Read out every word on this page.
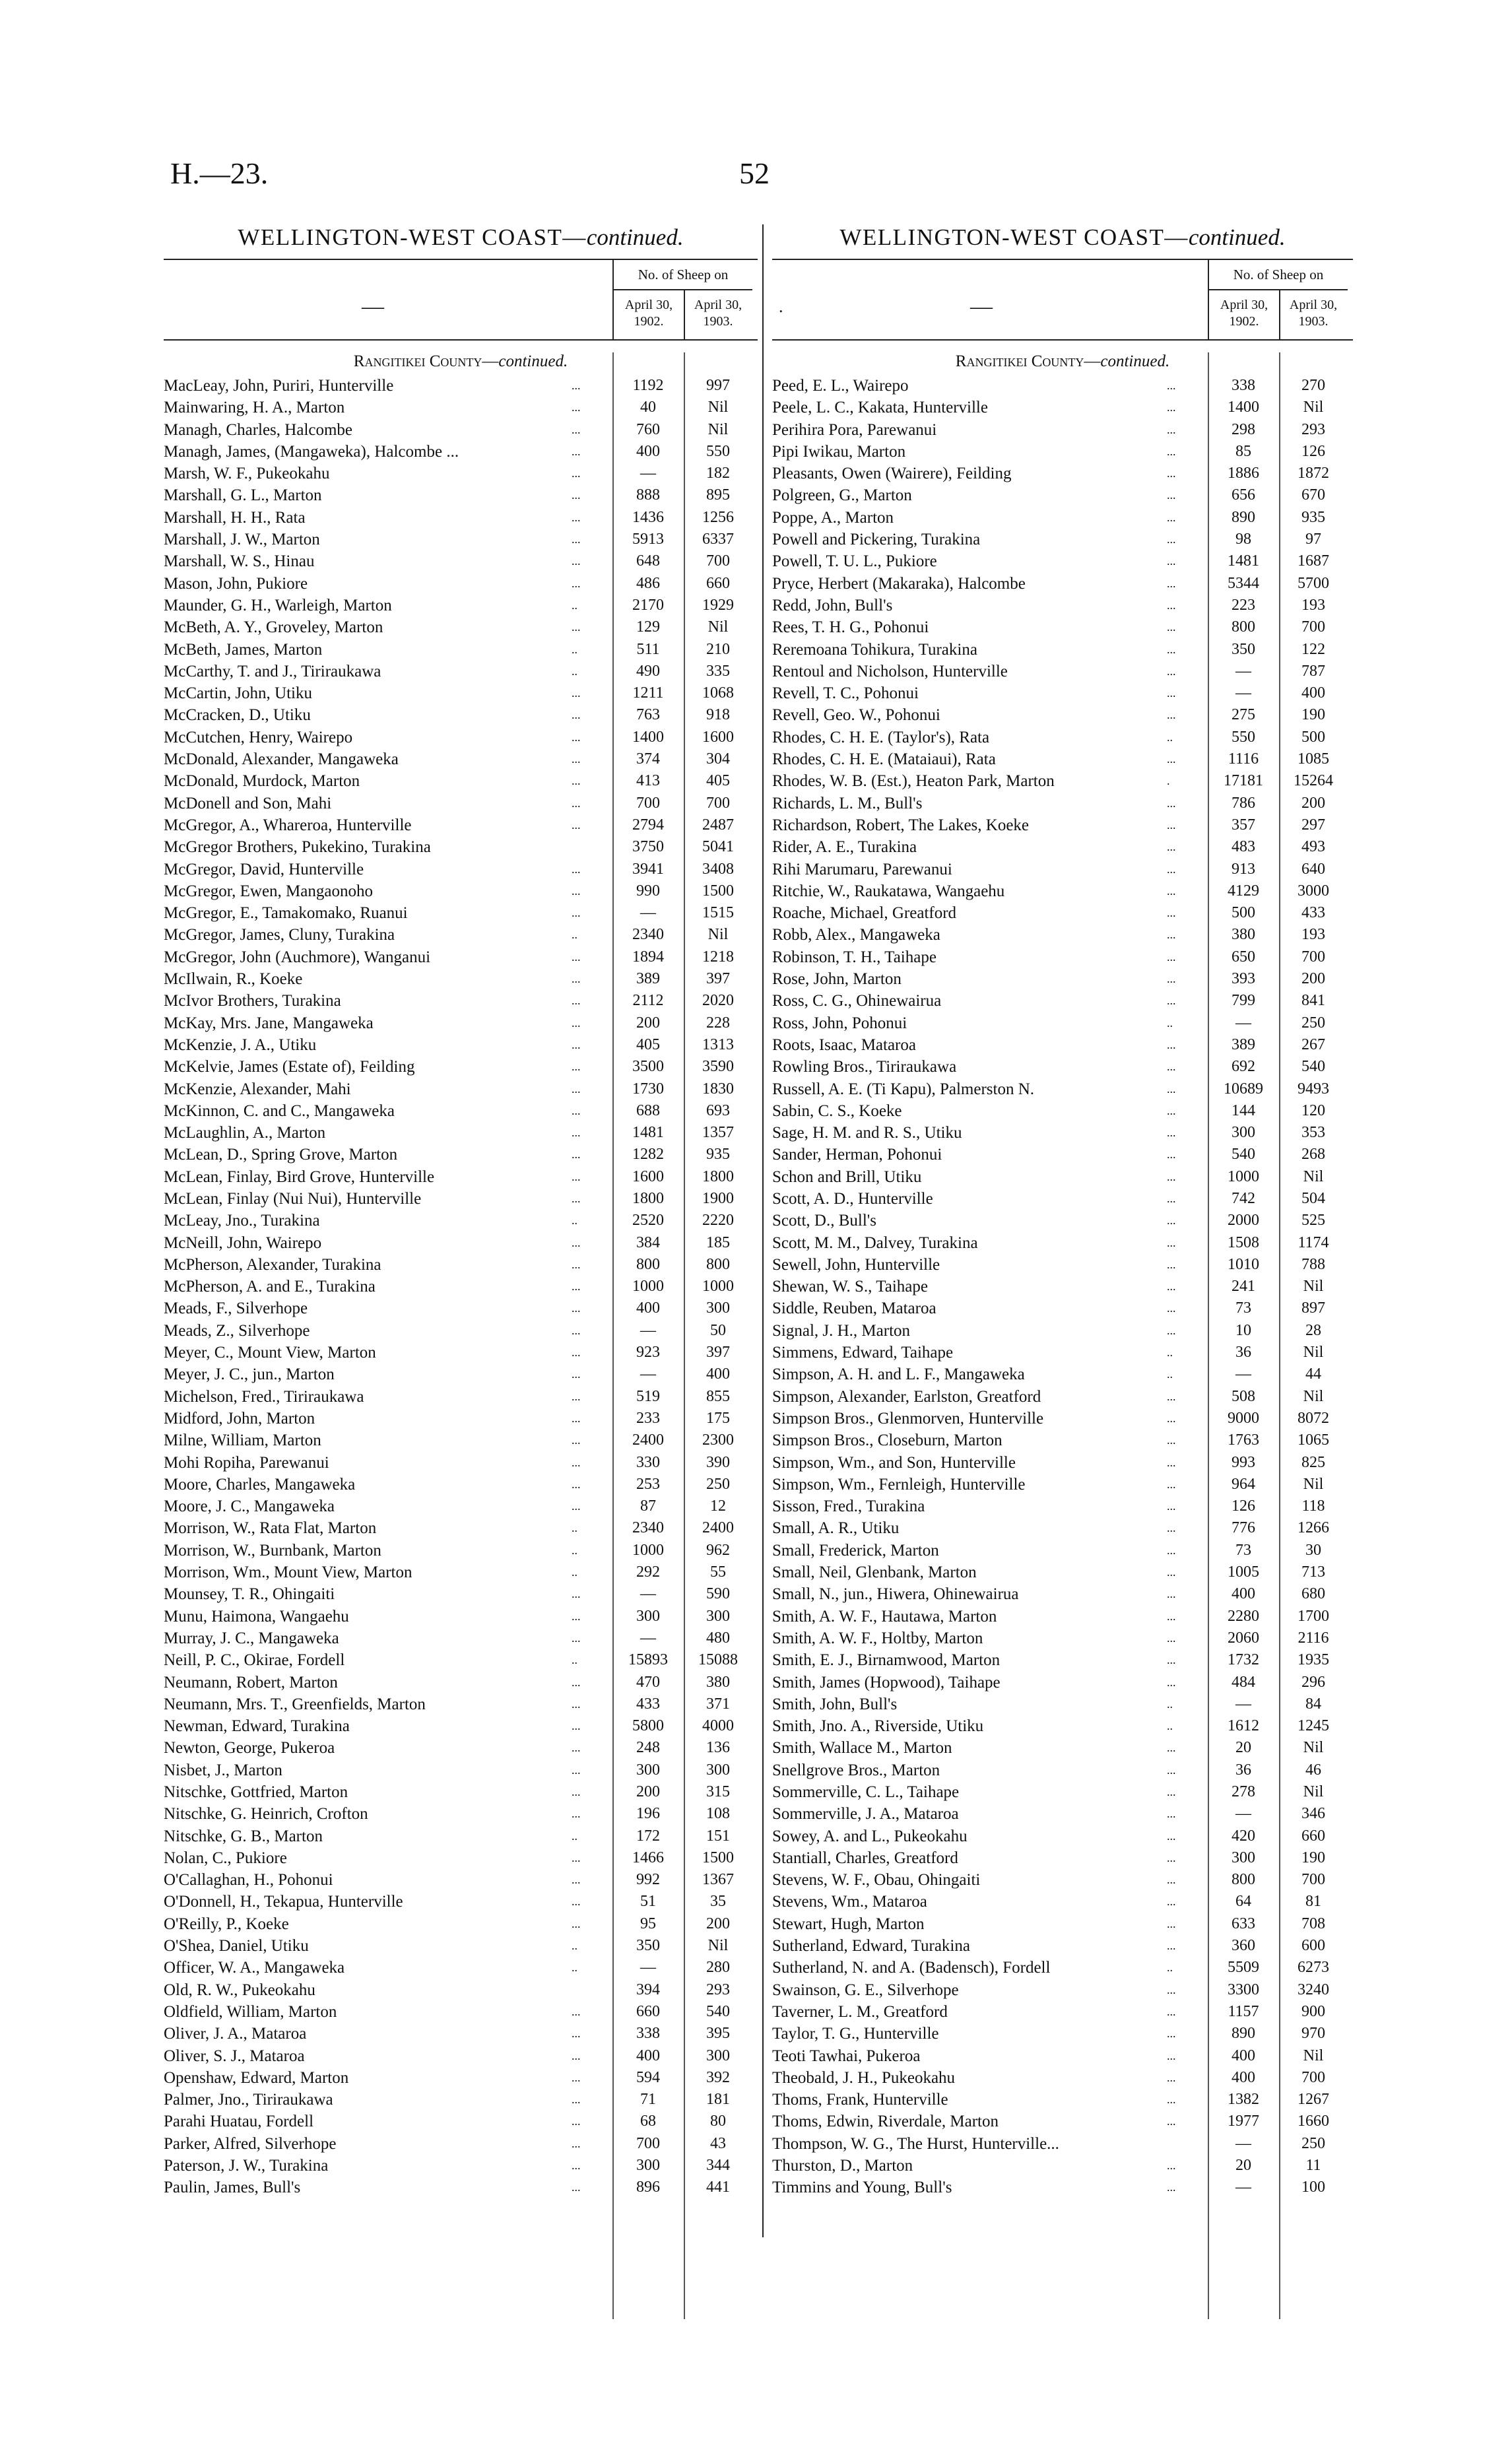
H.—23.	52
WELLINGTON-WEST COAST—continued.
—
No. of Sheep on
April 30, 1902.
April 30, 1903.
Rangitikei County—continued.
MacLeay, John, Puriri, Hunterville	...	1192	997
Mainwaring, H. A., Marton	...	40	Nil
Managh, Charles, Halcombe	...	760	Nil
Managh, James, (Mangaweka), Halcombe ...	...	400	550
Marsh, W. F., Pukeokahu	...	—	182
Marshall, G. L., Marton	...	888	895
Marshall, H. H., Rata	...	1436	1256
Marshall, J. W., Marton	...	5913	6337
Marshall, W. S., Hinau	...	648	700
Mason, John, Pukiore	...	486	660
Maunder, G. H., Warleigh, Marton	..	2170	1929
McBeth, A. Y., Groveley, Marton	...	129	Nil
McBeth, James, Marton	..	511	210
McCarthy, T. and J., Tiriraukawa	..	490	335
McCartin, John, Utiku	...	1211	1068
McCracken, D., Utiku	...	763	918
McCutchen, Henry, Wairepo	...	1400	1600
McDonald, Alexander, Mangaweka	...	374	304
McDonald, Murdock, Marton	...	413	405
McDonell and Son, Mahi	...	700	700
McGregor, A., Whareroa, Hunterville	...	2794	2487
McGregor Brothers, Pukekino, Turakina	3750	5041
McGregor, David, Hunterville	...	3941	3408
McGregor, Ewen, Mangaonoho	...	990	1500
McGregor, E., Tamakomako, Ruanui	...	—	1515
McGregor, James, Cluny, Turakina	..	2340	Nil
McGregor, John (Auchmore), Wanganui	...	1894	1218
McIlwain, R., Koeke	...	389	397
McIvor Brothers, Turakina	...	2112	2020
McKay, Mrs. Jane, Mangaweka	...	200	228
McKenzie, J. A., Utiku	...	405	1313
McKelvie, James (Estate of), Feilding	...	3500	3590
McKenzie, Alexander, Mahi	...	1730	1830
McKinnon, C. and C., Mangaweka	...	688	693
McLaughlin, A., Marton	...	1481	1357
McLean, D., Spring Grove, Marton	...	1282	935
McLean, Finlay, Bird Grove, Hunterville	...	1600	1800
McLean, Finlay (Nui Nui), Hunterville	...	1800	1900
McLeay, Jno., Turakina	..	2520	2220
McNeill, John, Wairepo	...	384	185
McPherson, Alexander, Turakina	...	800	800
McPherson, A. and E., Turakina	...	1000	1000
Meads, F., Silverhope	...	400	300
Meads, Z., Silverhope	...	—	50
Meyer, C., Mount View, Marton	...	923	397
Meyer, J. C., jun., Marton	...	—	400
Michelson, Fred., Tiriraukawa	...	519	855
Midford, John, Marton	...	233	175
Milne, William, Marton	...	2400	2300
Mohi Ropiha, Parewanui	...	330	390
Moore, Charles, Mangaweka	...	253	250
Moore, J. C., Mangaweka	...	87	12
Morrison, W., Rata Flat, Marton	..	2340	2400
Morrison, W., Burnbank, Marton	..	1000	962
Morrison, Wm., Mount View, Marton	..	292	55
Mounsey, T. R., Ohingaiti	...	—	590
Munu, Haimona, Wangaehu	...	300	300
Murray, J. C., Mangaweka	...	—	480
Neill, P. C., Okirae, Fordell	..	15893	15088
Neumann, Robert, Marton	...	470	380
Neumann, Mrs. T., Greenfields, Marton	...	433	371
Newman, Edward, Turakina	...	5800	4000
Newton, George, Pukeroa	...	248	136
Nisbet, J., Marton	...	300	300
Nitschke, Gottfried, Marton	...	200	315
Nitschke, G. Heinrich, Crofton	...	196	108
Nitschke, G. B., Marton	..	172	151
Nolan, C., Pukiore	...	1466	1500
O'Callaghan, H., Pohonui	...	992	1367
O'Donnell, H., Tekapua, Hunterville	...	51	35
O'Reilly, P., Koeke	...	95	200
O'Shea, Daniel, Utiku	..	350	Nil
Officer, W. A., Mangaweka	..	—	280
Old, R. W., Pukeokahu	394	293
Oldfield, William, Marton	...	660	540
Oliver, J. A., Mataroa	...	338	395
Oliver, S. J., Mataroa	...	400	300
Openshaw, Edward, Marton	...	594	392
Palmer, Jno., Tiriraukawa	...	71	181
Parahi Huatau, Fordell	...	68	80
Parker, Alfred, Silverhope	...	700	43
Paterson, J. W., Turakina	...	300	344
Paulin, James, Bull's	...	896	441
WELLINGTON-WEST COAST—continued.
.	—
No. of Sheep on
April 30, 1902.
April 30, 1903.
Rangitikei County—continued.
Peed, E. L., Wairepo	...	338	270
Peele, L. C., Kakata, Hunterville	...	1400	Nil
Perihira Pora, Parewanui	...	298	293
Pipi Iwikau, Marton	...	85	126
Pleasants, Owen (Wairere), Feilding	...	1886	1872
Polgreen, G., Marton	...	656	670
Poppe, A., Marton	...	890	935
Powell and Pickering, Turakina	...	98	97
Powell, T. U. L., Pukiore	...	1481	1687
Pryce, Herbert (Makaraka), Halcombe	...	5344	5700
Redd, John, Bull's	...	223	193
Rees, T. H. G., Pohonui	...	800	700
Reremoana Tohikura, Turakina	...	350	122
Rentoul and Nicholson, Hunterville	...	—	787
Revell, T. C., Pohonui	...	—	400
Revell, Geo. W., Pohonui	...	275	190
Rhodes, C. H. E. (Taylor's), Rata	..	550	500
Rhodes, C. H. E. (Mataiaui), Rata	...	1116	1085
Rhodes, W. B. (Est.), Heaton Park, Marton	.	17181	15264
Richards, L. M., Bull's	...	786	200
Richardson, Robert, The Lakes, Koeke	...	357	297
Rider, A. E., Turakina	...	483	493
Rihi Marumaru, Parewanui	...	913	640
Ritchie, W., Raukatawa, Wangaehu	...	4129	3000
Roache, Michael, Greatford	...	500	433
Robb, Alex., Mangaweka	...	380	193
Robinson, T. H., Taihape	...	650	700
Rose, John, Marton	...	393	200
Ross, C. G., Ohinewairua	...	799	841
Ross, John, Pohonui	..	—	250
Roots, Isaac, Mataroa	...	389	267
Rowling Bros., Tiriraukawa	...	692	540
Russell, A. E. (Ti Kapu), Palmerston N.	...	10689	9493
Sabin, C. S., Koeke	...	144	120
Sage, H. M. and R. S., Utiku	...	300	353
Sander, Herman, Pohonui	...	540	268
Schon and Brill, Utiku	...	1000	Nil
Scott, A. D., Hunterville	...	742	504
Scott, D., Bull's	...	2000	525
Scott, M. M., Dalvey, Turakina	...	1508	1174
Sewell, John, Hunterville	...	1010	788
Shewan, W. S., Taihape	...	241	Nil
Siddle, Reuben, Mataroa	...	73	897
Signal, J. H., Marton	...	10	28
Simmens, Edward, Taihape	..	36	Nil
Simpson, A. H. and L. F., Mangaweka	..	—	44
Simpson, Alexander, Earlston, Greatford	...	508	Nil
Simpson Bros., Glenmorven, Hunterville	...	9000	8072
Simpson Bros., Closeburn, Marton	...	1763	1065
Simpson, Wm., and Son, Hunterville	...	993	825
Simpson, Wm., Fernleigh, Hunterville	...	964	Nil
Sisson, Fred., Turakina	...	126	118
Small, A. R., Utiku	...	776	1266
Small, Frederick, Marton	...	73	30
Small, Neil, Glenbank, Marton	...	1005	713
Small, N., jun., Hiwera, Ohinewairua	...	400	680
Smith, A. W. F., Hautawa, Marton	...	2280	1700
Smith, A. W. F., Holtby, Marton	...	2060	2116
Smith, E. J., Birnamwood, Marton	...	1732	1935
Smith, James (Hopwood), Taihape	...	484	296
Smith, John, Bull's	..	—	84
Smith, Jno. A., Riverside, Utiku	..	1612	1245
Smith, Wallace M., Marton	...	20	Nil
Snellgrove Bros., Marton	...	36	46
Sommerville, C. L., Taihape	...	278	Nil
Sommerville, J. A., Mataroa	...	—	346
Sowey, A. and L., Pukeokahu	...	420	660
Stantiall, Charles, Greatford	...	300	190
Stevens, W. F., Obau, Ohingaiti	...	800	700
Stevens, Wm., Mataroa	...	64	81
Stewart, Hugh, Marton	...	633	708
Sutherland, Edward, Turakina	...	360	600
Sutherland, N. and A. (Badensch), Fordell	..	5509	6273
Swainson, G. E., Silverhope	...	3300	3240
Taverner, L. M., Greatford	...	1157	900
Taylor, T. G., Hunterville	...	890	970
Teoti Tawhai, Pukeroa	...	400	Nil
Theobald, J. H., Pukeokahu	...	400	700
Thoms, Frank, Hunterville	...	1382	1267
Thoms, Edwin, Riverdale, Marton	...	1977	1660
Thompson, W. G., The Hurst, Hunterville...	—	250
Thurston, D., Marton	...	20	11
Timmins and Young, Bull's	...	—	100
